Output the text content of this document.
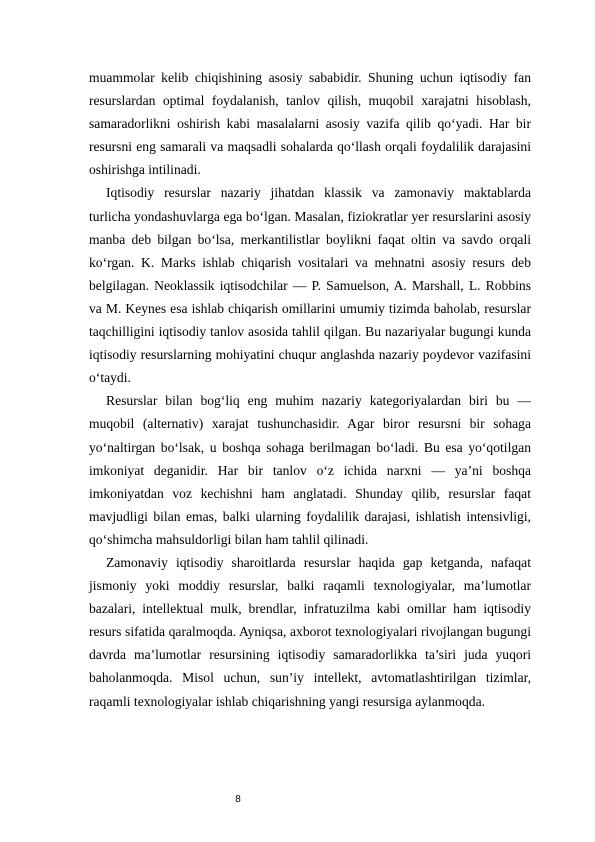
muammolar kelib chiqishining asosiy sababidir. Shuning uchun iqtisodiy fan resurslardan optimal foydalanish, tanlov qilish, muqobil xarajatni hisoblash, samaradorlikni oshirish kabi masalalarni asosiy vazifa qilib qo‘yadi. Har bir resursni eng samarali va maqsadli sohalarda qo‘llash orqali foydalilik darajasini oshirishga intilinadi.

Iqtisodiy resurslar nazariy jihatdan klassik va zamonaviy maktablarda turlicha yondashuvlarga ega bo‘lgan. Masalan, fiziokratlar yer resurslarini asosiy manba deb bilgan bo‘lsa, merkantilistlar boylikni faqat oltin va savdo orqali ko‘rgan. K. Marks ishlab chiqarish vositalari va mehnatni asosiy resurs deb belgilagan. Neoklassik iqtisodchilar — P. Samuelson, A. Marshall, L. Robbins va M. Keynes esa ishlab chiqarish omillarini umumiy tizimda baholab, resurslar taqchilligini iqtisodiy tanlov asosida tahlil qilgan. Bu nazariyalar bugungi kunda iqtisodiy resurslarning mohiyatini chuqur anglashda nazariy poydevor vazifasini o‘taydi.

Resurslar bilan bog‘liq eng muhim nazariy kategoriyalardan biri bu — muqobil (alternativ) xarajat tushunchasidir. Agar biror resursni bir sohaga yo‘naltirgan bo‘lsak, u boshqa sohaga berilmagan bo‘ladi. Bu esa yo‘qotilgan imkoniyat deganidir. Har bir tanlov o‘z ichida narxni — ya’ni boshqa imkoniyatdan voz kechishni ham anglatadi. Shunday qilib, resurslar faqat mavjudligi bilan emas, balki ularning foydalilik darajasi, ishlatish intensivligi, qo‘shimcha mahsuldorligi bilan ham tahlil qilinadi.

Zamonaviy iqtisodiy sharoitlarda resurslar haqida gap ketganda, nafaqat jismoniy yoki moddiy resurslar, balki raqamli texnologiyalar, ma’lumotlar bazalari, intellektual mulk, brendlar, infratuzilma kabi omillar ham iqtisodiy resurs sifatida qaralmoqda. Ayniqsa, axborot texnologiyalari rivojlangan bugungi davrda ma’lumotlar resursining iqtisodiy samaradorlikka ta’siri juda yuqori baholanmoqda. Misol uchun, sun’iy intellekt, avtomatlashtirilgan tizimlar, raqamli texnologiyalar ishlab chiqarishning yangi resursiga aylanmoqda.

8
